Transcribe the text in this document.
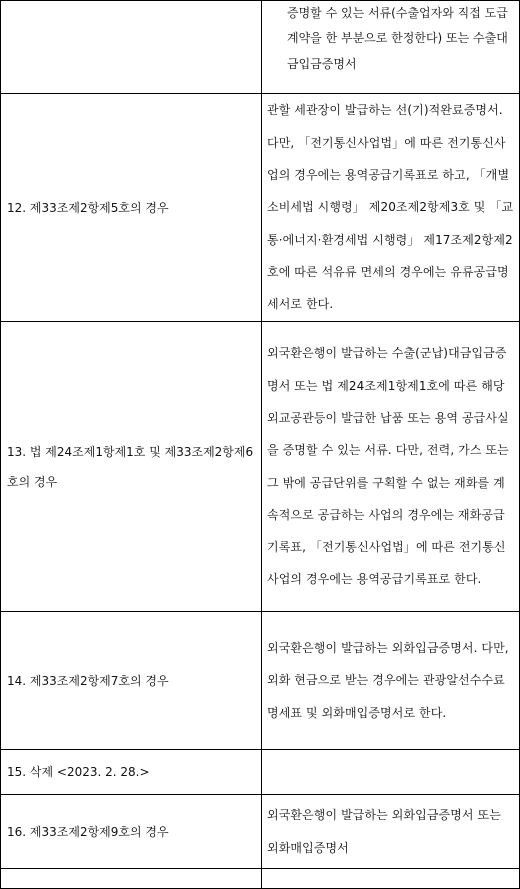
	증명할 수 있는 서류(수출업자와 직접 도급계약을 한 부분으로 한정한다) 또는 수출대금입금증명서

12. 제33조제2항제5호의 경우	관할 세관장이 발급하는 선(기)적완료증명서. 다만, 「전기통신사업법」에 따른 전기통신사업의 경우에는 용역공급기록표로 하고, 「개별소비세법 시행령」 제20조제2항제3호 및 「교통·에너지·환경세법 시행령」 제17조제2항제2호에 따른 석유류 면세의 경우에는 유류공급명세서로 한다.

13. 법 제24조제1항제1호 및 제33조제2항제6호의 경우	외국환은행이 발급하는 수출(군납)대금입금증명서 또는 법 제24조제1항제1호에 따른 해당 외교공관등이 발급한 납품 또는 용역 공급사실을 증명할 수 있는 서류. 다만, 전력, 가스 또는 그 밖에 공급단위를 구획할 수 없는 재화를 계속적으로 공급하는 사업의 경우에는 재화공급기록표, 「전기통신사업법」에 따른 전기통신사업의 경우에는 용역공급기록표로 한다.

14. 제33조제2항제7호의 경우	외국환은행이 발급하는 외화입금증명서. 다만, 외화 현금으로 받는 경우에는 관광알선수수료명세표 및 외화매입증명서로 한다.

15. 삭제 <2023. 2. 28.>	

16. 제33조제2항제9호의 경우	외국환은행이 발급하는 외화입금증명서 또는 외화매입증명서
